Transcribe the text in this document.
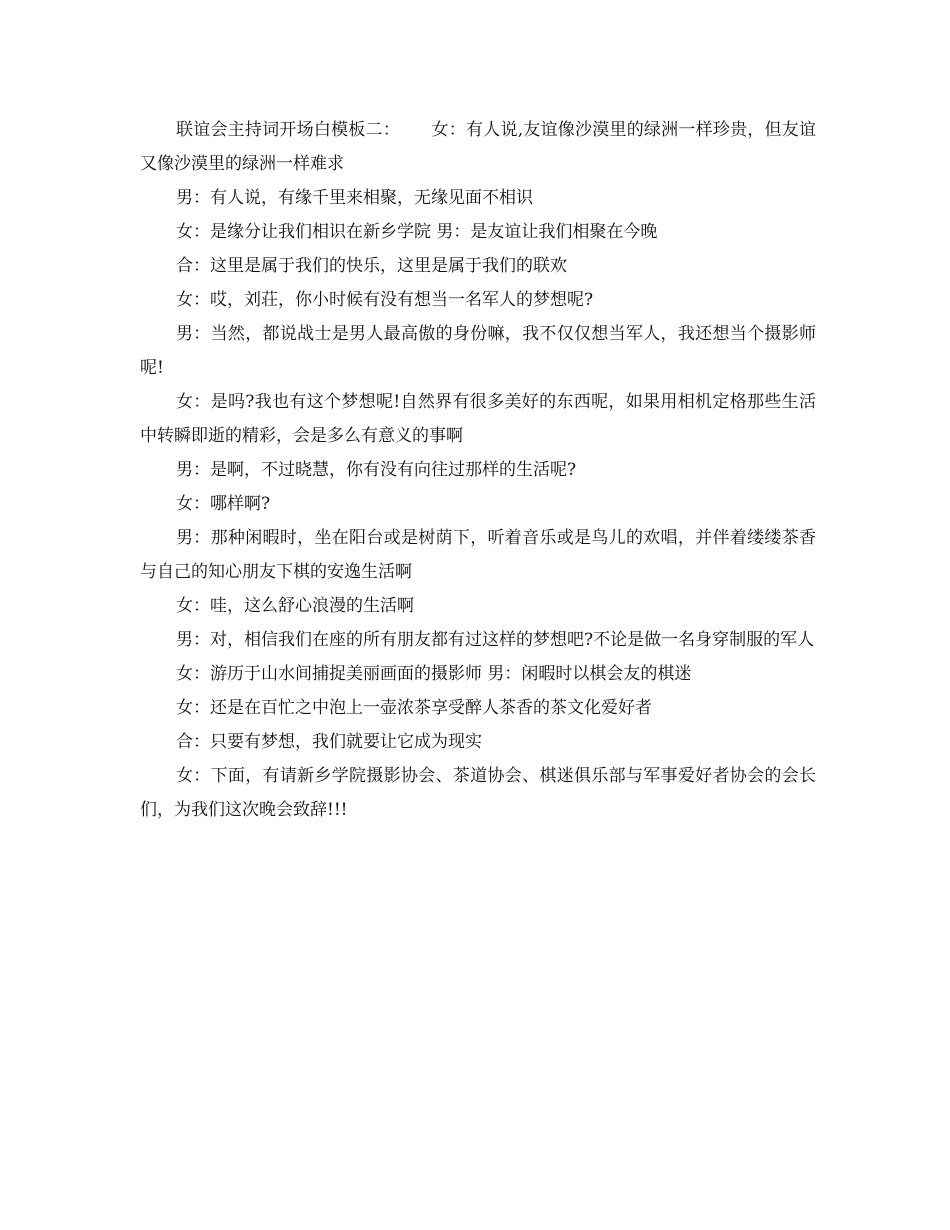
联谊会主持词开场白模板二：　　 女：有人说,友谊像沙漠里的绿洲一样珍贵，但友谊又像沙漠里的绿洲一样难求

男：有人说，有缘千里来相聚，无缘见面不相识

女：是缘分让我们相识在新乡学院 男：是友谊让我们相聚在今晚

合：这里是属于我们的快乐，这里是属于我们的联欢

女：哎，刘荘，你小时候有没有想当一名军人的梦想呢?

男：当然，都说战士是男人最高傲的身份嘛，我不仅仅想当军人，我还想当个摄影师呢!

女：是吗?我也有这个梦想呢!自然界有很多美好的东西呢，如果用相机定格那些生活中转瞬即逝的精彩，会是多么有意义的事啊

男：是啊，不过晓慧，你有没有向往过那样的生活呢?

女：哪样啊?

男：那种闲暇时，坐在阳台或是树荫下，听着音乐或是鸟儿的欢唱，并伴着缕缕茶香与自己的知心朋友下棋的安逸生活啊

女：哇，这么舒心浪漫的生活啊

男：对，相信我们在座的所有朋友都有过这样的梦想吧?不论是做一名身穿制服的军人

女：游历于山水间捕捉美丽画面的摄影师 男：闲暇时以棋会友的棋迷

女：还是在百忙之中泡上一壶浓茶享受醉人茶香的茶文化爱好者

合：只要有梦想，我们就要让它成为现实

女：下面，有请新乡学院摄影协会、茶道协会、棋迷俱乐部与军事爱好者协会的会长们，为我们这次晚会致辞!!!
